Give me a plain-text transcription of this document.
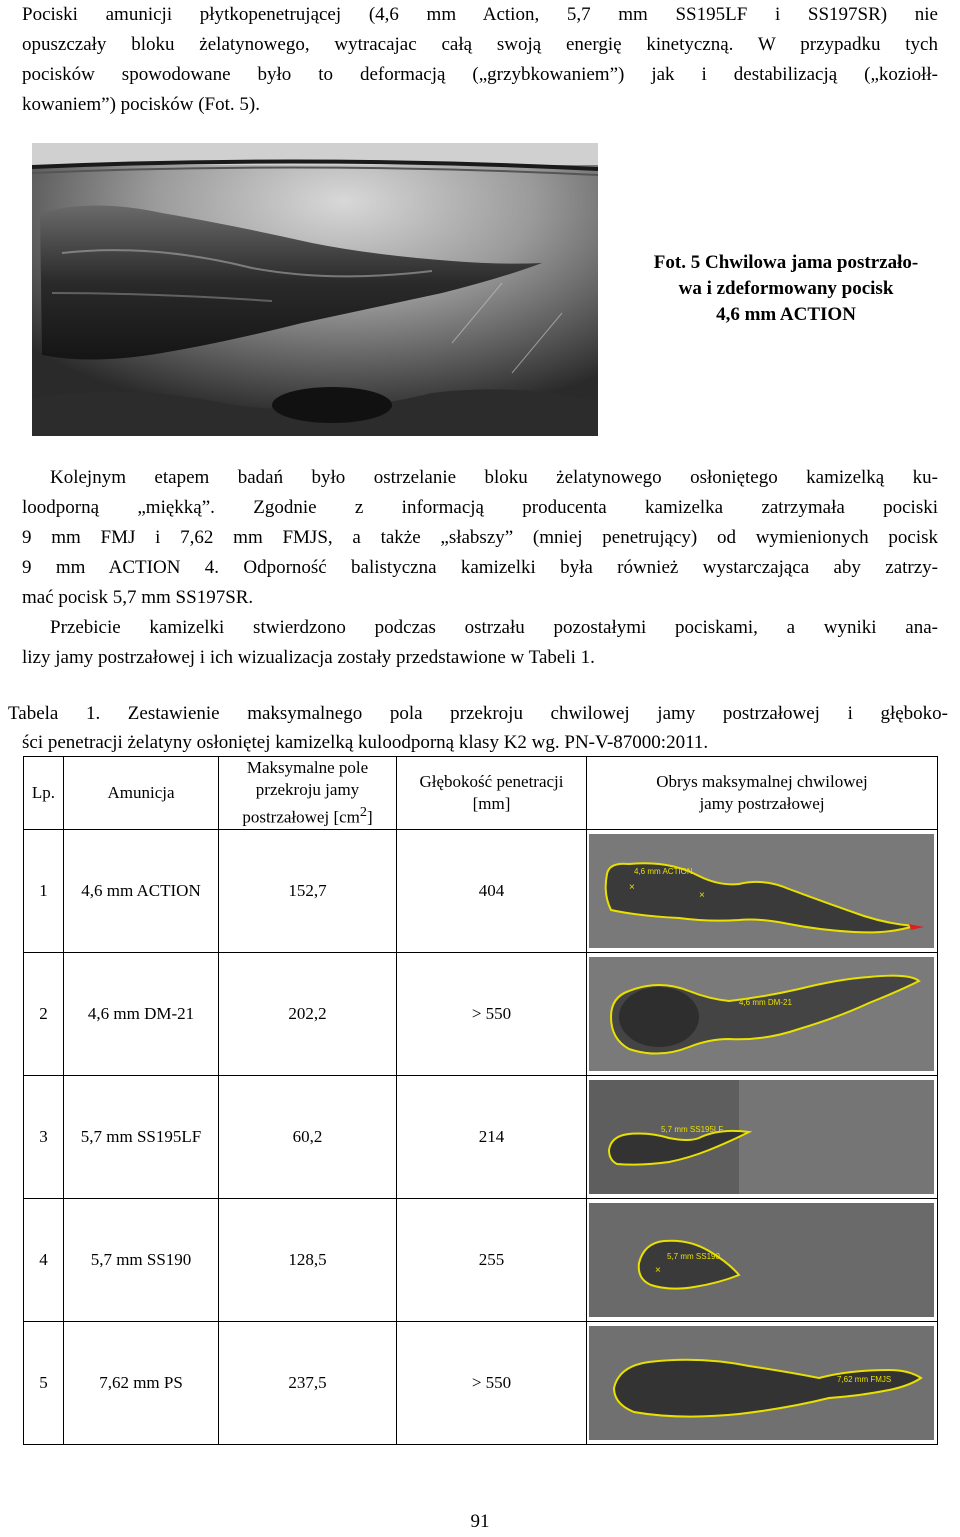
Pociski amunicji płytkopenetrującej (4,6 mm Action, 5,7 mm SS195LF i SS197SR) nie
opuszczały bloku żelatynowego, wytracajac całą swoją energię kinetyczną. W przypadku tych
pocisków spowodowane było to deformacją („grzybkowaniem”) jak i destabilizacją („koziołł-
kowaniem”) pocisków (Fot. 5).
Fot. 5 Chwilowa jama postrzało-
wa i zdeformowany pocisk
4,6 mm ACTION
Kolejnym etapem badań było ostrzelanie bloku żelatynowego osłoniętego kamizelką ku-
loodporną „miękką”. Zgodnie z informacją producenta kamizelka zatrzymała pociski
9 mm FMJ i 7,62 mm FMJS, a także „słabszy” (mniej penetrujący) od wymienionych pocisk
9 mm ACTION 4. Odporność balistyczna kamizelki była również wystarczająca aby zatrzy-
mać pocisk 5,7 mm SS197SR.
Przebicie kamizelki stwierdzono podczas ostrzału pozostałymi pociskami, a wyniki ana-
lizy jamy postrzałowej i ich wizualizacja zostały przedstawione w Tabeli 1.
Tabela 1. Zestawienie maksymalnego pola przekroju chwilowej jamy postrzałowej i głęboko-
ści penetracji żelatyny osłoniętej kamizelką kuloodporną klasy K2 wg. PN-V-87000:2011.
Lp.	Amunicja	Maksymalne pole
przekroju jamy
postrzałowej $[cm^2]$	Głębokość penetracji
[mm]	Obrys maksymalnej chwilowej
jamy postrzałowej
1	4,6 mm ACTION	152,7	404	4,6 mm ACTION
×
×

2	4,6 mm DM-21	202,2	> 550	4,6 mm DM-21

3	5,7 mm SS195LF	60,2	214	5,7 mm SS195LF

4	5,7 mm SS190	128,5	255	5,7 mm SS190
×

5	7,62 mm PS	237,5	> 550	7,62 mm FMJS
91
